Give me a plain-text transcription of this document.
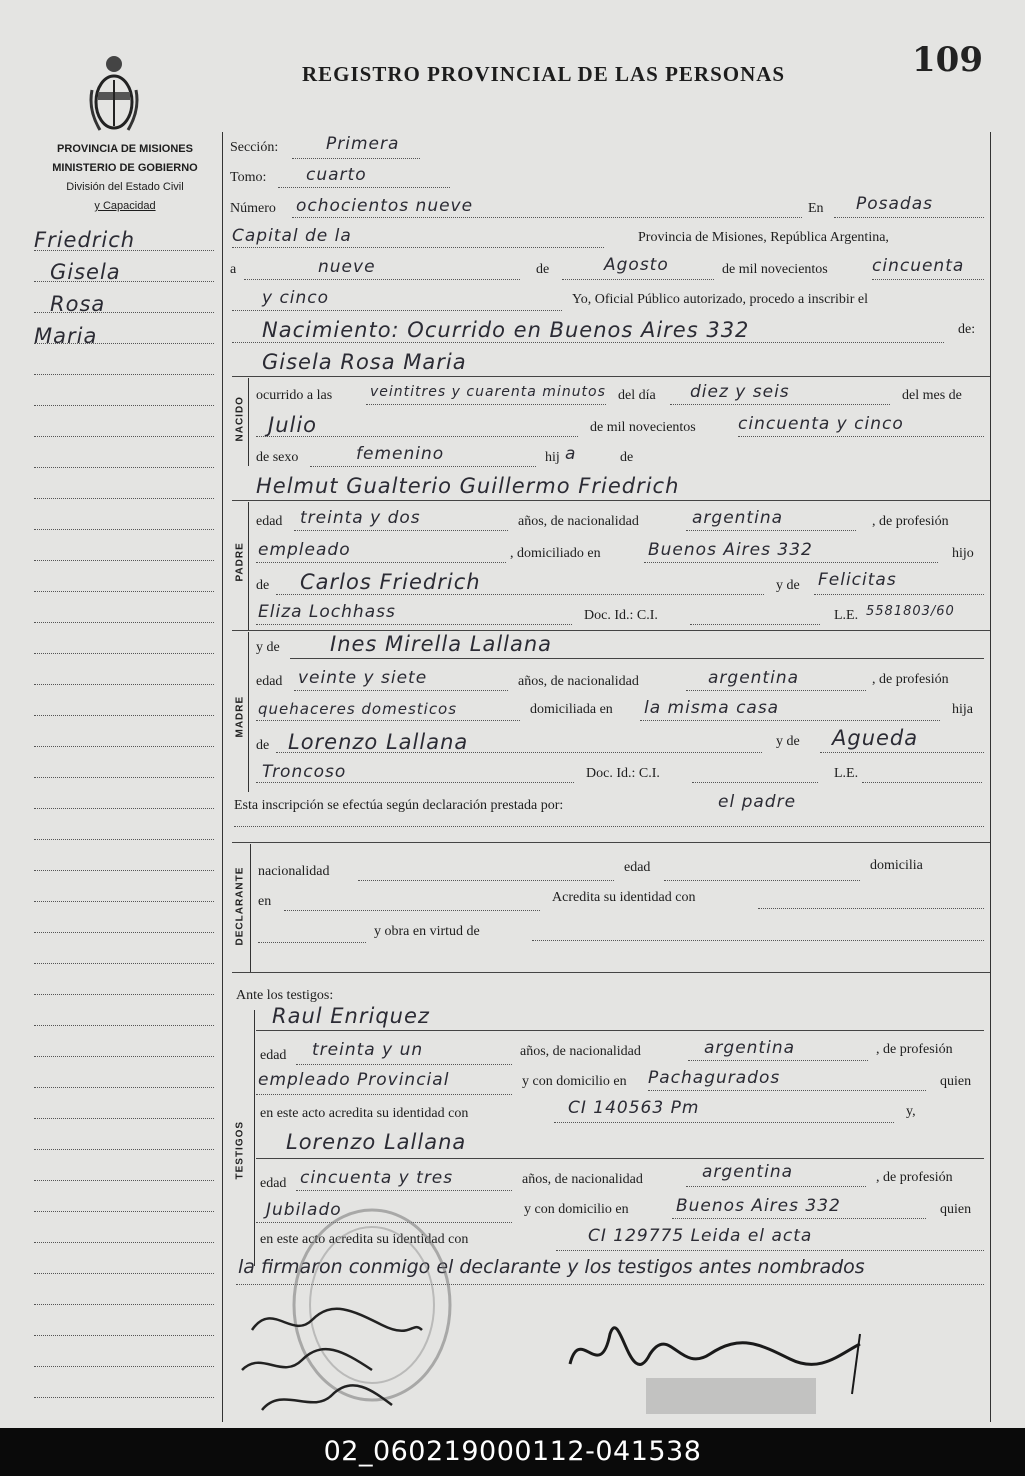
REGISTRO PROVINCIAL DE LAS PERSONAS	109
PROVINCIA DE MISIONES
MINISTERIO DE GOBIERNO
División del Estado Civil
y Capacidad
Friedrich
Gisela
Rosa
Maria
Sección:	Primera
Tomo: cuarto
Número ochocientos nueve	En Posadas
Capital de la	Provincia de Misiones, República Argentina,
a	nueve	de	Agosto	de mil novecientos	cincuenta
y cinco	Yo, Oficial Público autorizado, procedo a inscribir el
Nacimiento: Ocurrido en Buenos Aires 332	de:
Gisela Rosa Maria
NACIDO
ocurrido a las	veintitres y cuarenta minutos del día diez y seis	del mes de
Julio	de mil novecientos cincuenta y cinco
de sexo	femenino	hij a	de
Helmut Gualterio Guillermo Friedrich
PADRE
edad treinta y dos	años, de nacionalidad	argentina	, de profesión
empleado	, domiciliado en	Buenos Aires 332	hijo
de Carlos Friedrich	y de Felicitas
Eliza Lochhass	Doc. Id.: C.I.	L.E. 5581803/60
MADRE
y de Ines Mirella Lallana
edad veinte y siete	años, de nacionalidad	argentina	, de profesión
quehaceres domesticos	domiciliada en la misma casa	hija
de Lorenzo Lallana	y de Agueda
Troncoso	Doc. Id.: C.I.	L.E.
Esta inscripción se efectúa según declaración prestada por:	el padre
DECLARANTE nacionalidad	edad	domicilia
en	Acredita su identidad con
y obra en virtud de
Ante los testigos:
TESTIGOS
Raul Enriquez
edad treinta y un	años, de nacionalidad	argentina	, de profesión
empleado Provincial	y con domicilio en Pachagurados	quien
en este acto acredita su identidad con	CI 140563 Pm	y,
Lorenzo Lallana
edad cincuenta y tres	años, de nacionalidad	argentina	, de profesión
Jubilado	y con domicilio en	Buenos Aires 332	quien
en este acto acredita su identidad con	CI 129775 Leida el acta
la firmaron conmigo el declarante y los testigos antes nombrados
02_060219000112-041538
